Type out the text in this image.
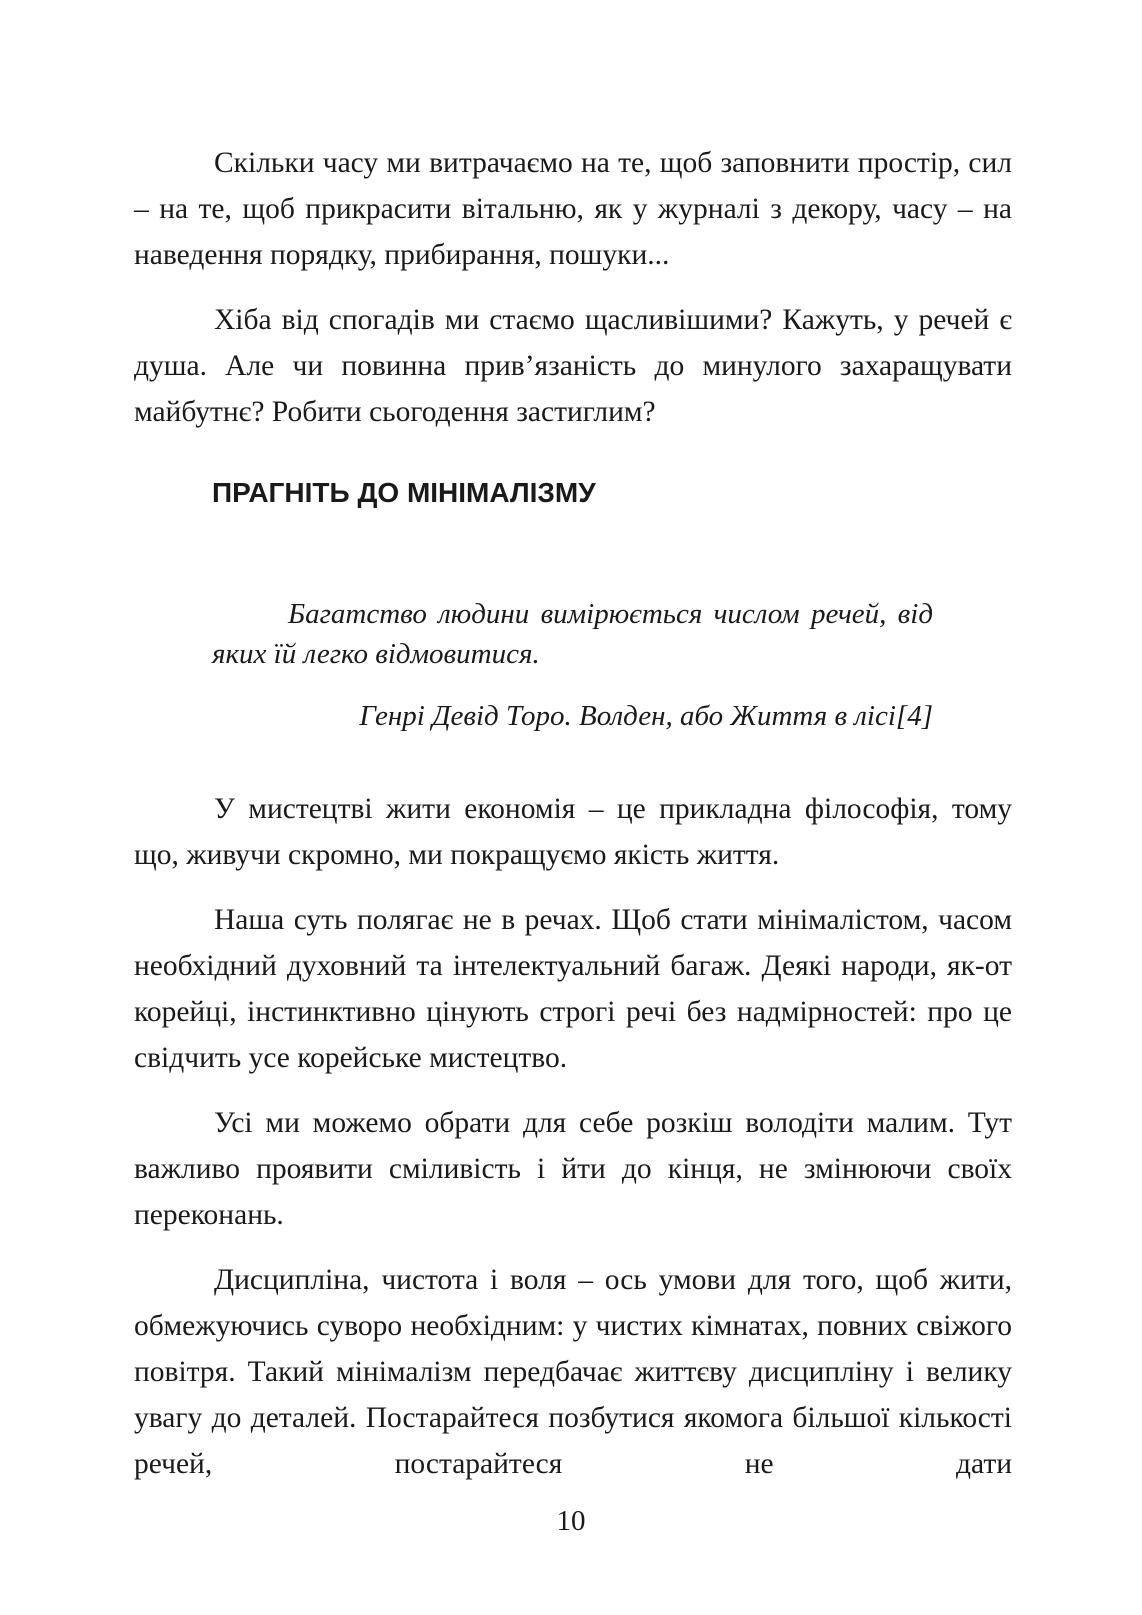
Скільки часу ми витрачаємо на те, щоб заповнити простір, сил – на те, щоб прикрасити вітальню, як у журналі з декору, часу – на наведення порядку, прибирання, пошуки...

Хіба від спогадів ми стаємо щасливішими? Кажуть, у речей є душа. Але чи повинна прив’язаність до минулого захаращувати майбутнє? Робити сьогодення застиглим?

ПРАГНІТЬ ДО МІНІМАЛІЗМУ

Багатство людини вимірюється числом речей, від яких їй легко відмовитися.

Генрі Девід Торо. Волден, або Життя в лісі[4]

У мистецтві жити економія – це прикладна філософія, тому що, живучи скромно, ми покращуємо якість життя.

Наша суть полягає не в речах. Щоб стати мінімалістом, часом необхідний духовний та інтелектуальний багаж. Деякі народи, як-от корейці, інстинктивно цінують строгі речі без надмірностей: про це свідчить усе корейське мистецтво.

Усі ми можемо обрати для себе розкіш володіти малим. Тут важливо проявити сміливість і йти до кінця, не змінюючи своїх переконань.

Дисципліна, чистота і воля – ось умови для того, щоб жити, обмежуючись суворо необхідним: у чистих кімнатах, повних свіжого повітря. Такий мінімалізм передбачає життєву дисципліну і велику увагу до деталей. Постарайтеся позбутися якомога більшої кількості речей, постарайтеся не дати

10
